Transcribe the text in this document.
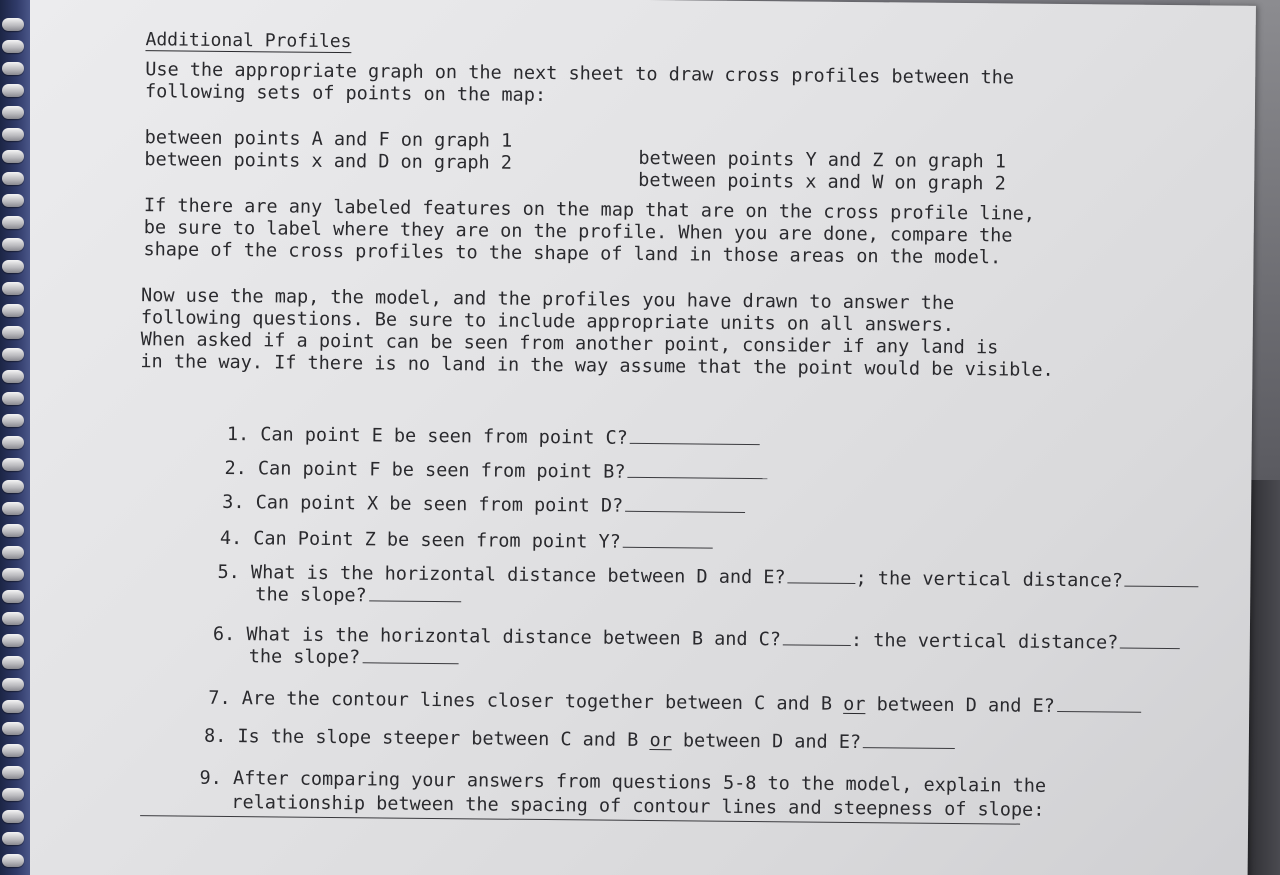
Additional Profiles
Use the appropriate graph on the next sheet to draw cross profiles between the
following sets of points on the map:
between points A and F on graph 1
between points x and D on graph 2	between points Y and Z on graph 1
between points x and W on graph 2
If there are any labeled features on the map that are on the cross profile line,
be sure to label where they are on the profile. When you are done, compare the
shape of the cross profiles to the shape of land in those areas on the model.
Now use the map, the model, and the profiles you have drawn to answer the
following questions. Be sure to include appropriate units on all answers.
When asked if a point can be seen from another point, consider if any land is
in the way. If there is no land in the way assume that the point would be visible.

1. Can point E be seen from point C?

2. Can point F be seen from point B?

3. Can point X be seen from point D?

4. Can Point Z be seen from point Y?

5. What is the horizontal distance between D and E?	; the vertical distance?

the slope?

6. What is the horizontal distance between B and C?	: the vertical distance?

the slope?

7. Are the contour lines closer together between C and B or between D and E?

8. Is the slope steeper between C and B or between D and E?

9. After comparing your answers from questions 5-8 to the model, explain the

relationship between the spacing of contour lines and steepness of slope:
